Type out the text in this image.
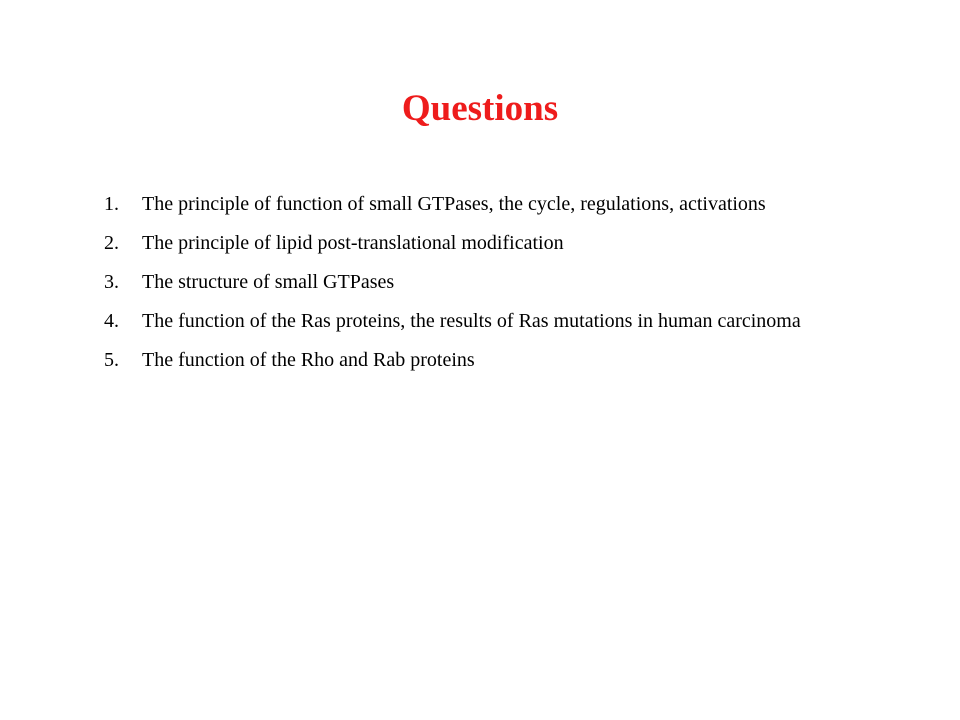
Questions
1.	The principle of function of small GTPases, the cycle, regulations, activations
2.	The principle of lipid post-translational modification
3.	The structure of small GTPases
4.	The function of the Ras proteins, the results of Ras mutations in human carcinoma
5.	The function of the Rho and Rab proteins
